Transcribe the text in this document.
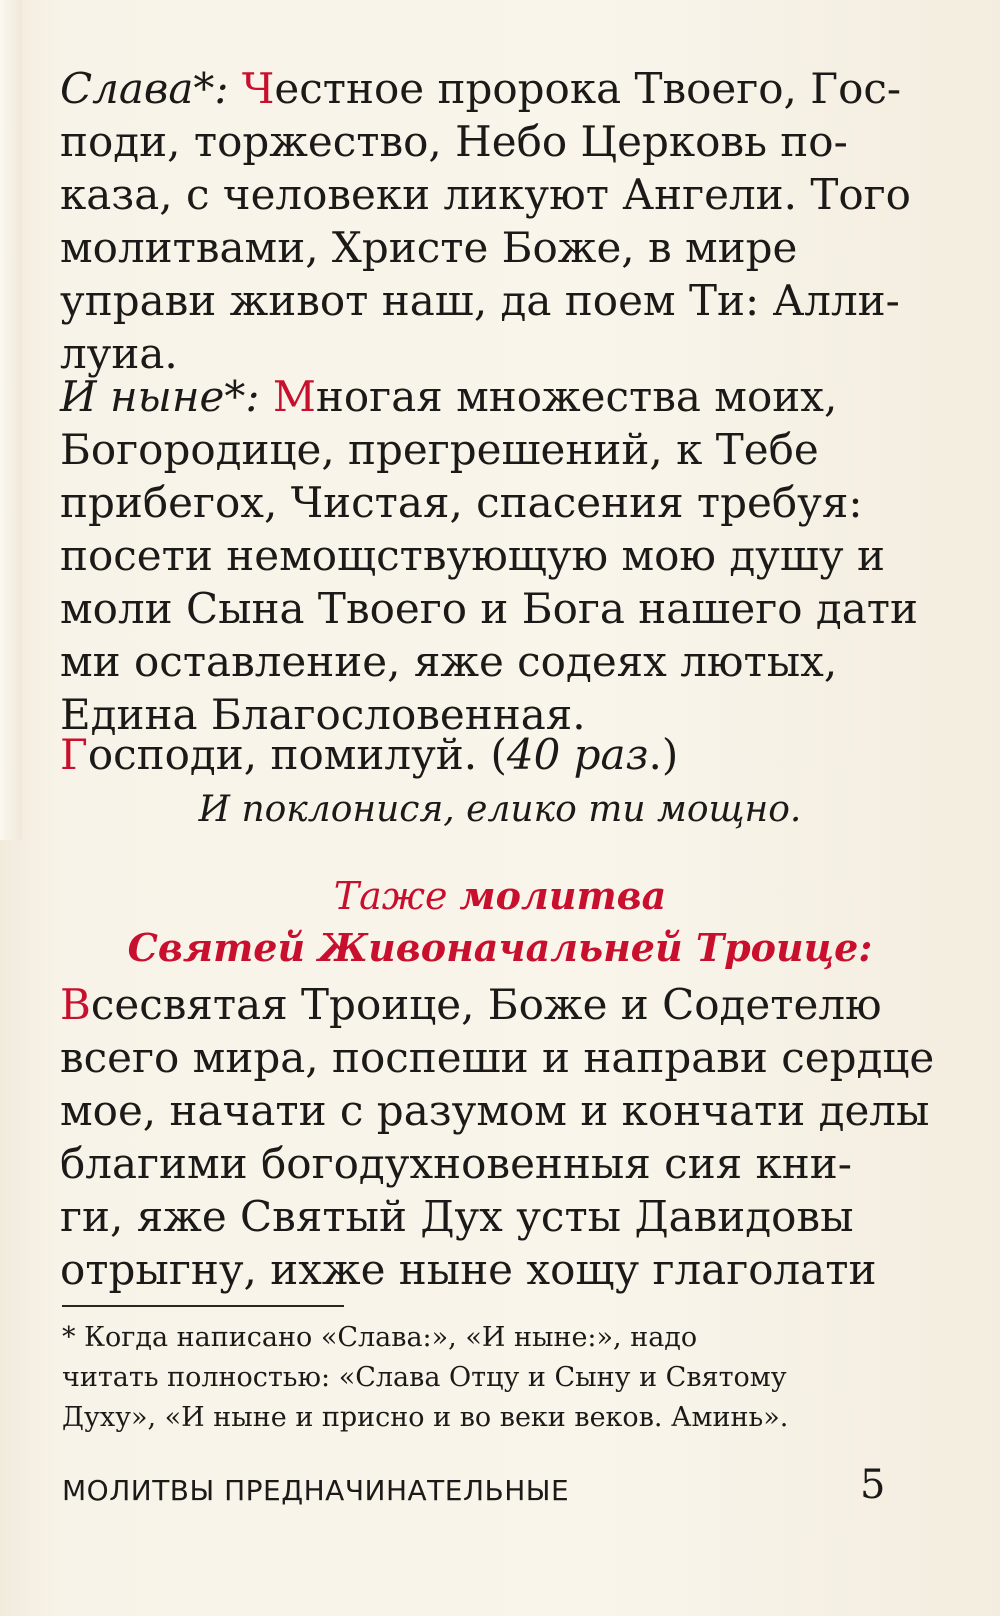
Слава*: Честное пророка Твоего, Гос-

поди, торжество, Небо Церковь по-

каза, с человеки ликуют Ангели. Того

молитвами, Христе Боже, в мире

управи живот наш, да поем Ти: Алли-

луиа.

И ныне*: Многая множества моих,

Богородице, прегрешений, к Тебе

прибегох, Чистая, спасения требуя:

посети немощствующую мою душу и

моли Сына Твоего и Бога нашего дати

ми оставление, яже содеях лютых,

Едина Благословенная.

Господи, помилуй. (40 раз.)
И поклонися, елико ти мощно.
Таже молитва
Святей Живоначальней Троице:

Всесвятая Троице, Боже и Содетелю

всего мира, поспеши и направи сердце

мое, начати с разумом и кончати делы

благими богодухновенныя сия кни-

ги, яже Святый Дух усты Давидовы

отрыгну, ихже ныне хощу глаголати

* Когда написано «Слава:», «И ныне:», надо
читать полностью: «Слава Отцу и Сыну и Святому
Духу», «И ныне и присно и во веки веков. Аминь».
МОЛИТВЫ ПРЕДНАЧИНАТЕЛЬНЫЕ	5
